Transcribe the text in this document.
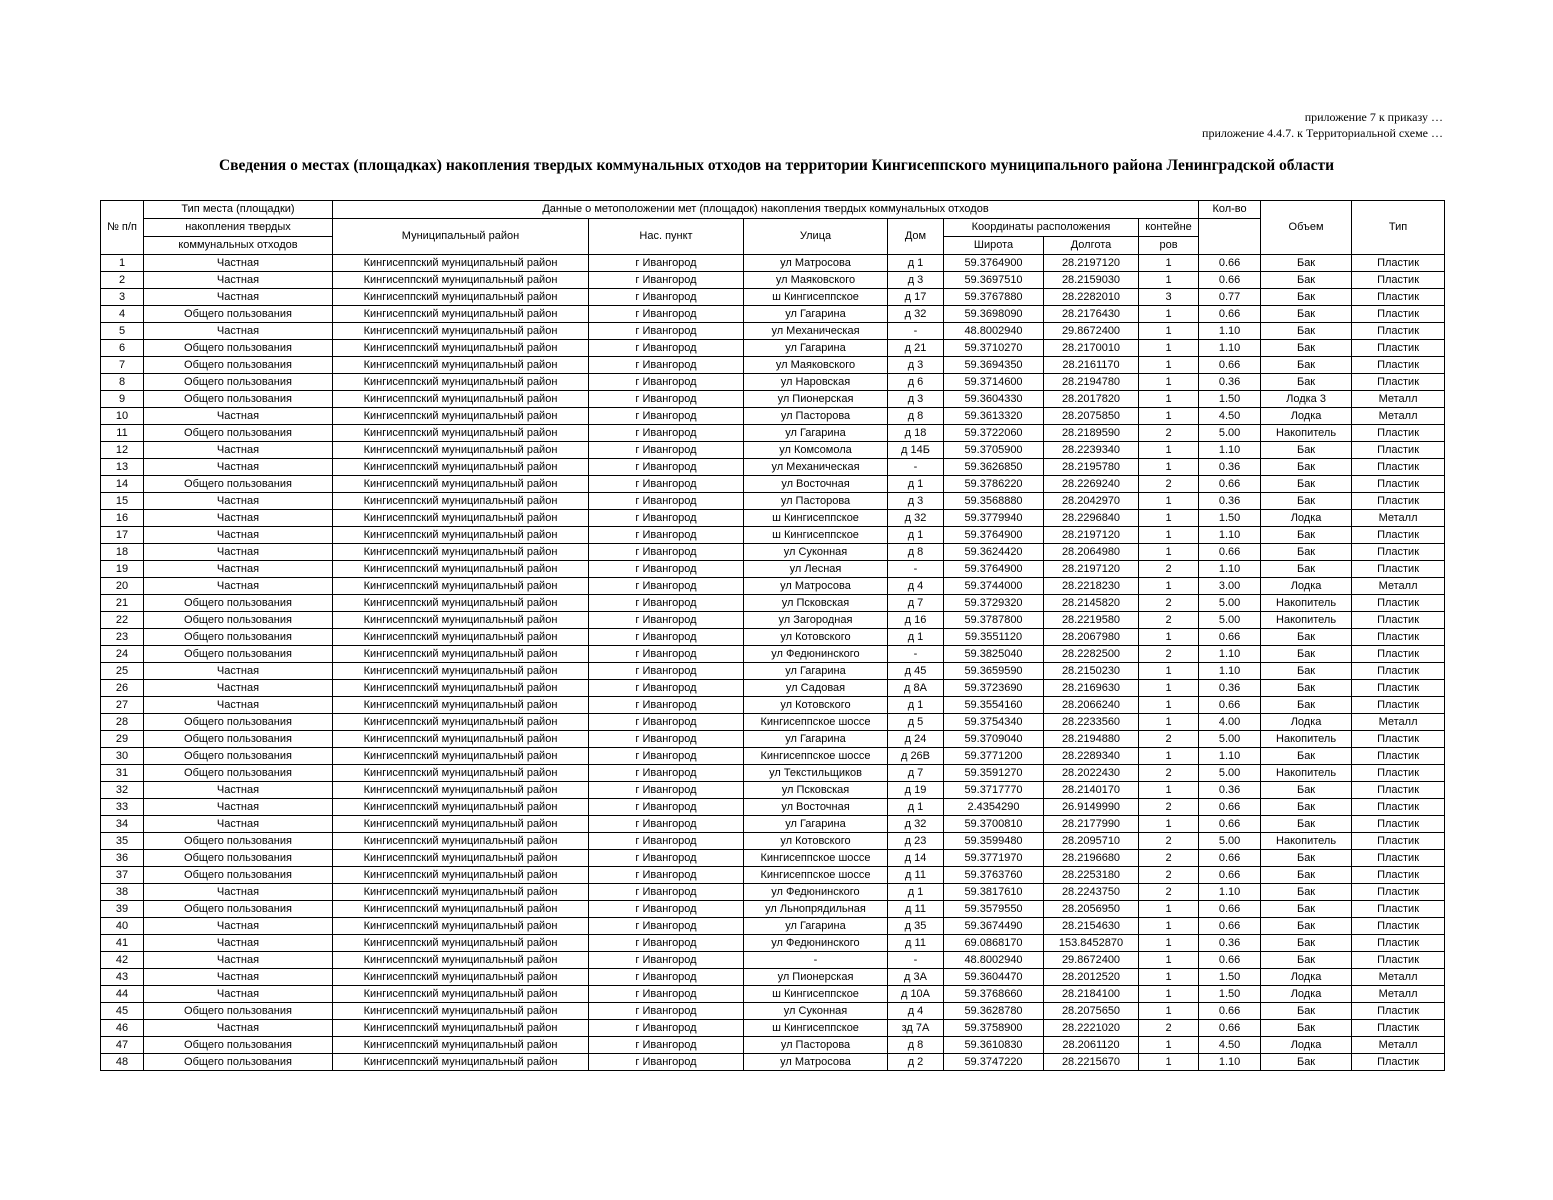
приложение 7 к приказу …
приложение 4.4.7. к Территориальной схеме …
Сведения о местах (площадках) накопления твердых коммунальных отходов на территории Кингисеппского муниципального района Ленинградской области
№ п/п	Тип места (площадки)	Данные о метоположении мет (площадок) накопления твердых коммунальных отходов							Кол-во	Объем	Тип	
	накопления твердых	Муниципальный район	Нас. пункт	Улица	Дом	Координаты расположения		контейне				
	коммунальных отходов					Широта	Долгота	ров				
1	Частная	Кингисеппский муниципальный район	г Ивангород	ул Матросова	д 1	59.3764900	28.2197120	1	0.66	Бак	Пластик	
2	Частная	Кингисеппский муниципальный район	г Ивангород	ул Маяковского	д 3	59.3697510	28.2159030	1	0.66	Бак	Пластик	
3	Частная	Кингисеппский муниципальный район	г Ивангород	ш Кингисеппское	д 17	59.3767880	28.2282010	3	0.77	Бак	Пластик	
4	Общего пользования	Кингисеппский муниципальный район	г Ивангород	ул Гагарина	д 32	59.3698090	28.2176430	1	0.66	Бак	Пластик	
5	Частная	Кингисеппский муниципальный район	г Ивангород	ул Механическая	-	48.8002940	29.8672400	1	1.10	Бак	Пластик	
6	Общего пользования	Кингисеппский муниципальный район	г Ивангород	ул Гагарина	д 21	59.3710270	28.2170010	1	1.10	Бак	Пластик	
7	Общего пользования	Кингисеппский муниципальный район	г Ивангород	ул Маяковского	д 3	59.3694350	28.2161170	1	0.66	Бак	Пластик	
8	Общего пользования	Кингисеппский муниципальный район	г Ивангород	ул Наровская	д 6	59.3714600	28.2194780	1	0.36	Бак	Пластик	
9	Общего пользования	Кингисеппский муниципальный район	г Ивангород	ул Пионерская	д 3	59.3604330	28.2017820	1	1.50	Лодка 3	Металл	
10	Частная	Кингисеппский муниципальный район	г Ивангород	ул Пасторова	д 8	59.3613320	28.2075850	1	4.50	Лодка	Металл	
11	Общего пользования	Кингисеппский муниципальный район	г Ивангород	ул Гагарина	д 18	59.3722060	28.2189590	2	5.00	Накопитель	Пластик	
12	Частная	Кингисеппский муниципальный район	г Ивангород	ул Комсомола	д 14Б	59.3705900	28.2239340	1	1.10	Бак	Пластик	
13	Частная	Кингисеппский муниципальный район	г Ивангород	ул Механическая	-	59.3626850	28.2195780	1	0.36	Бак	Пластик	
14	Общего пользования	Кингисеппский муниципальный район	г Ивангород	ул Восточная	д 1	59.3786220	28.2269240	2	0.66	Бак	Пластик	
15	Частная	Кингисеппский муниципальный район	г Ивангород	ул Пасторова	д 3	59.3568880	28.2042970	1	0.36	Бак	Пластик	
16	Частная	Кингисеппский муниципальный район	г Ивангород	ш Кингисеппское	д 32	59.3779940	28.2296840	1	1.50	Лодка	Металл	
17	Частная	Кингисеппский муниципальный район	г Ивангород	ш Кингисеппское	д 1	59.3764900	28.2197120	1	1.10	Бак	Пластик	
18	Частная	Кингисеппский муниципальный район	г Ивангород	ул Суконная	д 8	59.3624420	28.2064980	1	0.66	Бак	Пластик	
19	Частная	Кингисеппский муниципальный район	г Ивангород	ул Лесная	-	59.3764900	28.2197120	2	1.10	Бак	Пластик	
20	Частная	Кингисеппский муниципальный район	г Ивангород	ул Матросова	д 4	59.3744000	28.2218230	1	3.00	Лодка	Металл	
21	Общего пользования	Кингисеппский муниципальный район	г Ивангород	ул Псковская	д 7	59.3729320	28.2145820	2	5.00	Накопитель	Пластик	
22	Общего пользования	Кингисеппский муниципальный район	г Ивангород	ул Загородная	д 16	59.3787800	28.2219580	2	5.00	Накопитель	Пластик	
23	Общего пользования	Кингисеппский муниципальный район	г Ивангород	ул Котовского	д 1	59.3551120	28.2067980	1	0.66	Бак	Пластик	
24	Общего пользования	Кингисеппский муниципальный район	г Ивангород	ул Федюнинского	-	59.3825040	28.2282500	2	1.10	Бак	Пластик	
25	Частная	Кингисеппский муниципальный район	г Ивангород	ул Гагарина	д 45	59.3659590	28.2150230	1	1.10	Бак	Пластик	
26	Частная	Кингисеппский муниципальный район	г Ивангород	ул Садовая	д 8А	59.3723690	28.2169630	1	0.36	Бак	Пластик	
27	Частная	Кингисеппский муниципальный район	г Ивангород	ул Котовского	д 1	59.3554160	28.2066240	1	0.66	Бак	Пластик	
28	Общего пользования	Кингисеппский муниципальный район	г Ивангород	Кингисеппское шоссе	д 5	59.3754340	28.2233560	1	4.00	Лодка	Металл	
29	Общего пользования	Кингисеппский муниципальный район	г Ивангород	ул Гагарина	д 24	59.3709040	28.2194880	2	5.00	Накопитель	Пластик	
30	Общего пользования	Кингисеппский муниципальный район	г Ивангород	Кингисеппское шоссе	д 26В	59.3771200	28.2289340	1	1.10	Бак	Пластик	
31	Общего пользования	Кингисеппский муниципальный район	г Ивангород	ул Текстильщиков	д 7	59.3591270	28.2022430	2	5.00	Накопитель	Пластик	
32	Частная	Кингисеппский муниципальный район	г Ивангород	ул Псковская	д 19	59.3717770	28.2140170	1	0.36	Бак	Пластик	
33	Частная	Кингисеппский муниципальный район	г Ивангород	ул Восточная	д 1	2.4354290	26.9149990	2	0.66	Бак	Пластик	
34	Частная	Кингисеппский муниципальный район	г Ивангород	ул Гагарина	д 32	59.3700810	28.2177990	1	0.66	Бак	Пластик	
35	Общего пользования	Кингисеппский муниципальный район	г Ивангород	ул Котовского	д 23	59.3599480	28.2095710	2	5.00	Накопитель	Пластик	
36	Общего пользования	Кингисеппский муниципальный район	г Ивангород	Кингисеппское шоссе	д 14	59.3771970	28.2196680	2	0.66	Бак	Пластик	
37	Общего пользования	Кингисеппский муниципальный район	г Ивангород	Кингисеппское шоссе	д 11	59.3763760	28.2253180	2	0.66	Бак	Пластик	
38	Частная	Кингисеппский муниципальный район	г Ивангород	ул Федюнинского	д 1	59.3817610	28.2243750	2	1.10	Бак	Пластик	
39	Общего пользования	Кингисеппский муниципальный район	г Ивангород	ул Льнопрядильная	д 11	59.3579550	28.2056950	1	0.66	Бак	Пластик	
40	Частная	Кингисеппский муниципальный район	г Ивангород	ул Гагарина	д 35	59.3674490	28.2154630	1	0.66	Бак	Пластик	
41	Частная	Кингисеппский муниципальный район	г Ивангород	ул Федюнинского	д 11	69.0868170	153.8452870	1	0.36	Бак	Пластик	
42	Частная	Кингисеппский муниципальный район	г Ивангород	-	-	48.8002940	29.8672400	1	0.66	Бак	Пластик	
43	Частная	Кингисеппский муниципальный район	г Ивангород	ул Пионерская	д 3А	59.3604470	28.2012520	1	1.50	Лодка	Металл	
44	Частная	Кингисеппский муниципальный район	г Ивангород	ш Кингисеппское	д 10А	59.3768660	28.2184100	1	1.50	Лодка	Металл	
45	Общего пользования	Кингисеппский муниципальный район	г Ивангород	ул Суконная	д 4	59.3628780	28.2075650	1	0.66	Бак	Пластик	
46	Частная	Кингисеппский муниципальный район	г Ивангород	ш Кингисеппское	зд 7А	59.3758900	28.2221020	2	0.66	Бак	Пластик	
47	Общего пользования	Кингисеппский муниципальный район	г Ивангород	ул Пасторова	д 8	59.3610830	28.2061120	1	4.50	Лодка	Металл	
48	Общего пользования	Кингисеппский муниципальный район	г Ивангород	ул Матросова	д 2	59.3747220	28.2215670	1	1.10	Бак	Пластик	
